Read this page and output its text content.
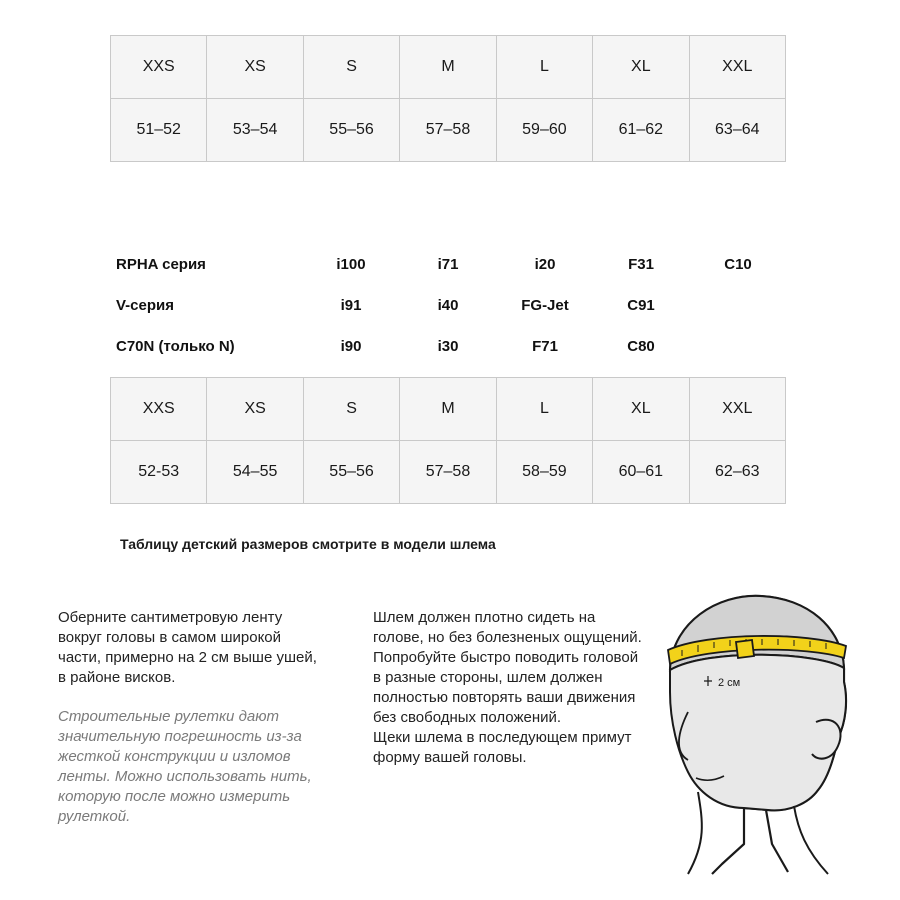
XXS	XS	S	M	L	XL	XXL
51–52	53–54	55–56	57–58	59–60	61–62	63–64
RPHA серия	i100	i71	i20	F31	C10
V-серия	i91	i40	FG-Jet	C91
C70N (только N)	i90	i30	F71	C80
XXS	XS	S	M	L	XL	XXL
52-53	54–55	55–56	57–58	58–59	60–61	62–63
Таблицу детский размеров смотрите в модели шлема
Оберните сантиметровую ленту вокруг головы в самом широкой части, примерно на 2 см выше ушей, в районе висков.
Строительные рулетки дают значительную погрешность из-за жесткой конструкции и изломов ленты. Можно использовать нить, которую после можно измерить рулеткой.

Шлем должен плотно сидеть на голове, но без болезненых ощущений.

Попробуйте быстро поводить головой в разные стороны, шлем должен полностью повторять ваши движения без свободных положений.

Щеки шлема в последующем примут форму вашей головы.

2 см
